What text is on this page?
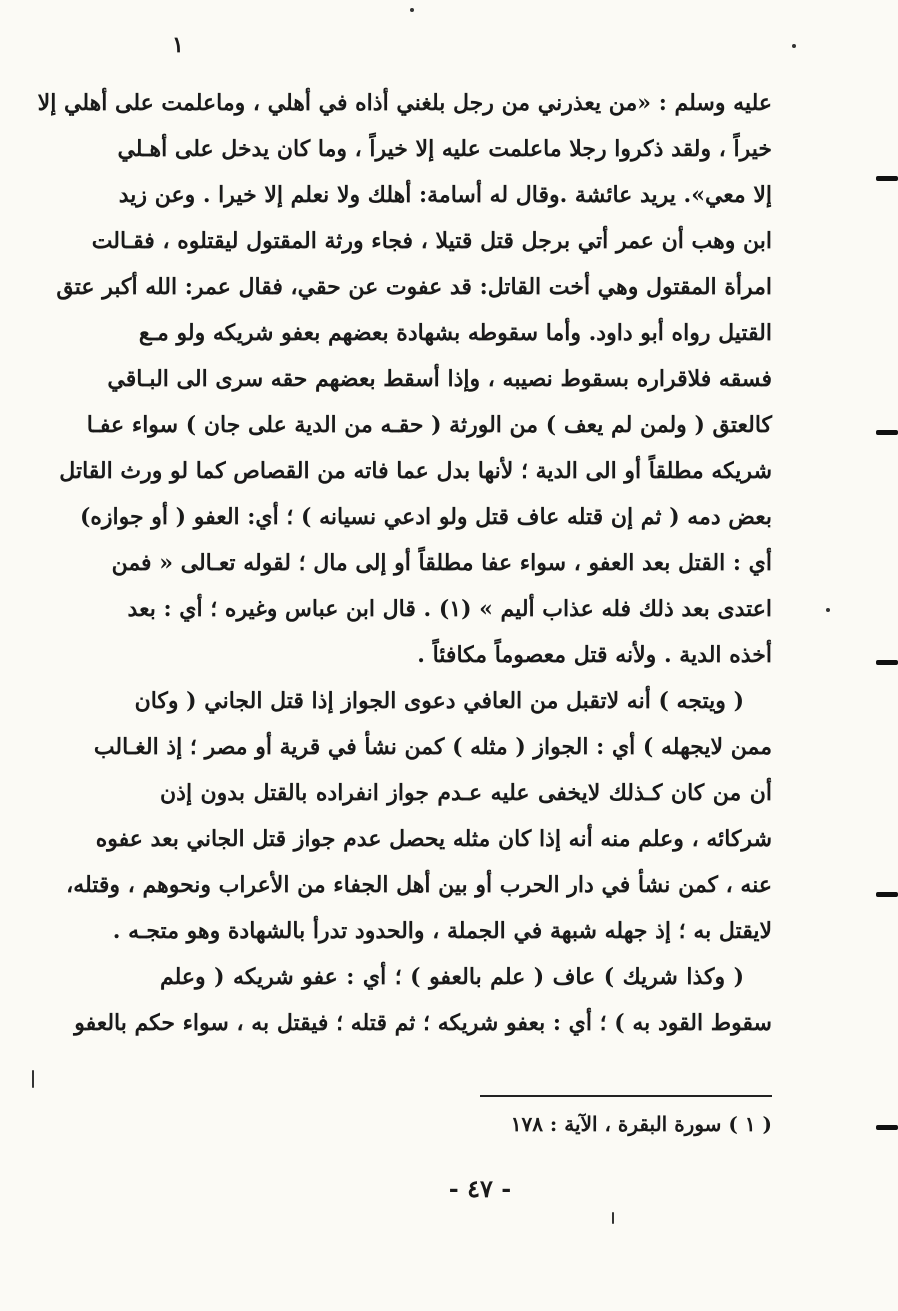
١
عليه وسلم : «من يعذرني من رجل بلغني أذاه في أهلي ، وماعلمت على أهلي إلا
خيراً ، ولقد ذكروا رجلا ماعلمت عليه إلا خيراً ، وما كان يدخل على أهـلي
إلا معي». يريد عائشة .وقال له أسامة: أهلك ولا نعلم إلا خيرا . وعن زيد
ابن وهب أن عمر أتي برجل قتل قتيلا ، فجاء ورثة المقتول ليقتلوه ، فقـالت
امرأة المقتول وهي أخت القاتل: قد عفوت عن حقي، فقال عمر: الله أكبر عتق
القتيل رواه أبو داود. وأما سقوطه بشهادة بعضهم بعفو شريكه ولو مـع
فسقه فلاقراره بسقوط نصيبه ، وإذا أسقط بعضهم حقه سرى الى البـاقي
كالعتق ( ولمن لم يعف ) من الورثة ( حقـه من الدية على جان ) سواء عفـا
شريكه مطلقاً أو الى الدية ؛ لأنها بدل عما فاته من القصاص كما لو ورث القاتل
بعض دمه ( ثم إن قتله عاف قتل ولو ادعي نسيانه ) ؛ أي: العفو ( أو جوازه)
أي : القتل بعد العفو ، سواء عفا مطلقاً أو إلى مال ؛ لقوله تعـالى « فمن
اعتدى بعد ذلك فله عذاب أليم » (١) . قال ابن عباس وغيره ؛ أي : بعد
أخذه الدية . ولأنه قتل معصوماً مكافئاً .
( ويتجه ) أنه لاتقبل من العافي دعوى الجواز إذا قتل الجاني ( وكان
ممن لايجهله ) أي : الجواز ( مثله ) كمن نشأ في قرية أو مصر ؛ إذ الغـالب
أن من كان كـذلك لايخفى عليه عـدم جواز انفراده بالقتل بدون إذن
شركائه ، وعلم منه أنه إذا كان مثله يحصل عدم جواز قتل الجاني بعد عفوه
عنه ، كمن نشأ في دار الحرب أو بين أهل الجفاء من الأعراب ونحوهم ، وقتله،
لايقتل به ؛ إذ جهله شبهة في الجملة ، والحدود تدرأ بالشهادة وهو متجـه .
( وكذا شريك ) عاف ( علم بالعفو ) ؛ أي : عفو شريكه ( وعلم
سقوط القود به ) ؛ أي : بعفو شريكه ؛ ثم قتله ؛ فيقتل به ، سواء حكم بالعفو
( ١ ) سورة البقرة ، الآية : ١٧٨
- ٤٧ -
